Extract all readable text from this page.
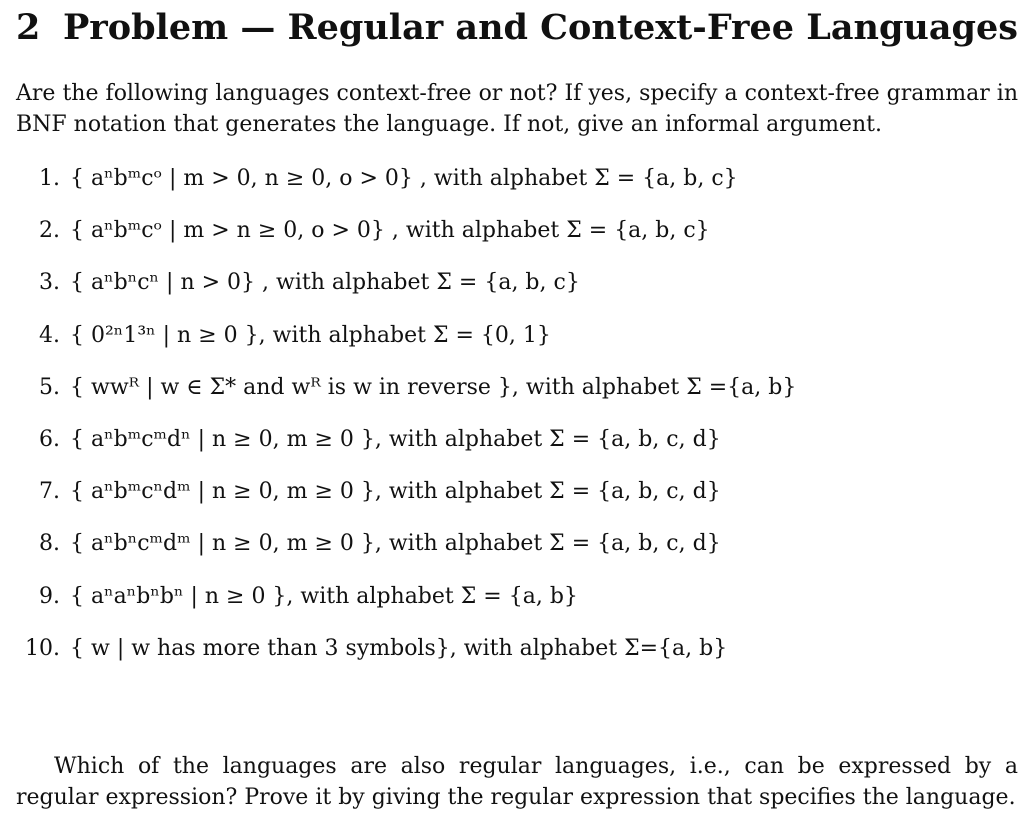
2 Problem — Regular and Context-Free Languages

Are the following languages context-free or not? If yes, specify a context-free grammar in BNF notation that generates the language. If not, give an informal argument.

1. { aⁿbᵐcᵒ | m > 0, n ≥ 0, o > 0} , with alphabet Σ = {a, b, c}
2. { aⁿbᵐcᵒ | m > n ≥ 0, o > 0} , with alphabet Σ = {a, b, c}
3. { aⁿbⁿcⁿ | n > 0} , with alphabet Σ = {a, b, c}
4. { 0²ⁿ1³ⁿ | n ≥ 0 }, with alphabet Σ = {0, 1}
5. { wwᴿ | w ∈ Σ* and wᴿ is w in reverse }, with alphabet Σ ={a, b}
6. { aⁿbᵐcᵐdⁿ | n ≥ 0, m ≥ 0 }, with alphabet Σ = {a, b, c, d}
7. { aⁿbᵐcⁿdᵐ | n ≥ 0, m ≥ 0 }, with alphabet Σ = {a, b, c, d}
8. { aⁿbⁿcᵐdᵐ | n ≥ 0, m ≥ 0 }, with alphabet Σ = {a, b, c, d}
9. { aⁿaⁿbⁿbⁿ | n ≥ 0 }, with alphabet Σ = {a, b}
10. { w | w has more than 3 symbols}, with alphabet Σ={a, b}

Which of the languages are also regular languages, i.e., can be expressed by a regular expression? Prove it by giving the regular expression that specifies the language.
